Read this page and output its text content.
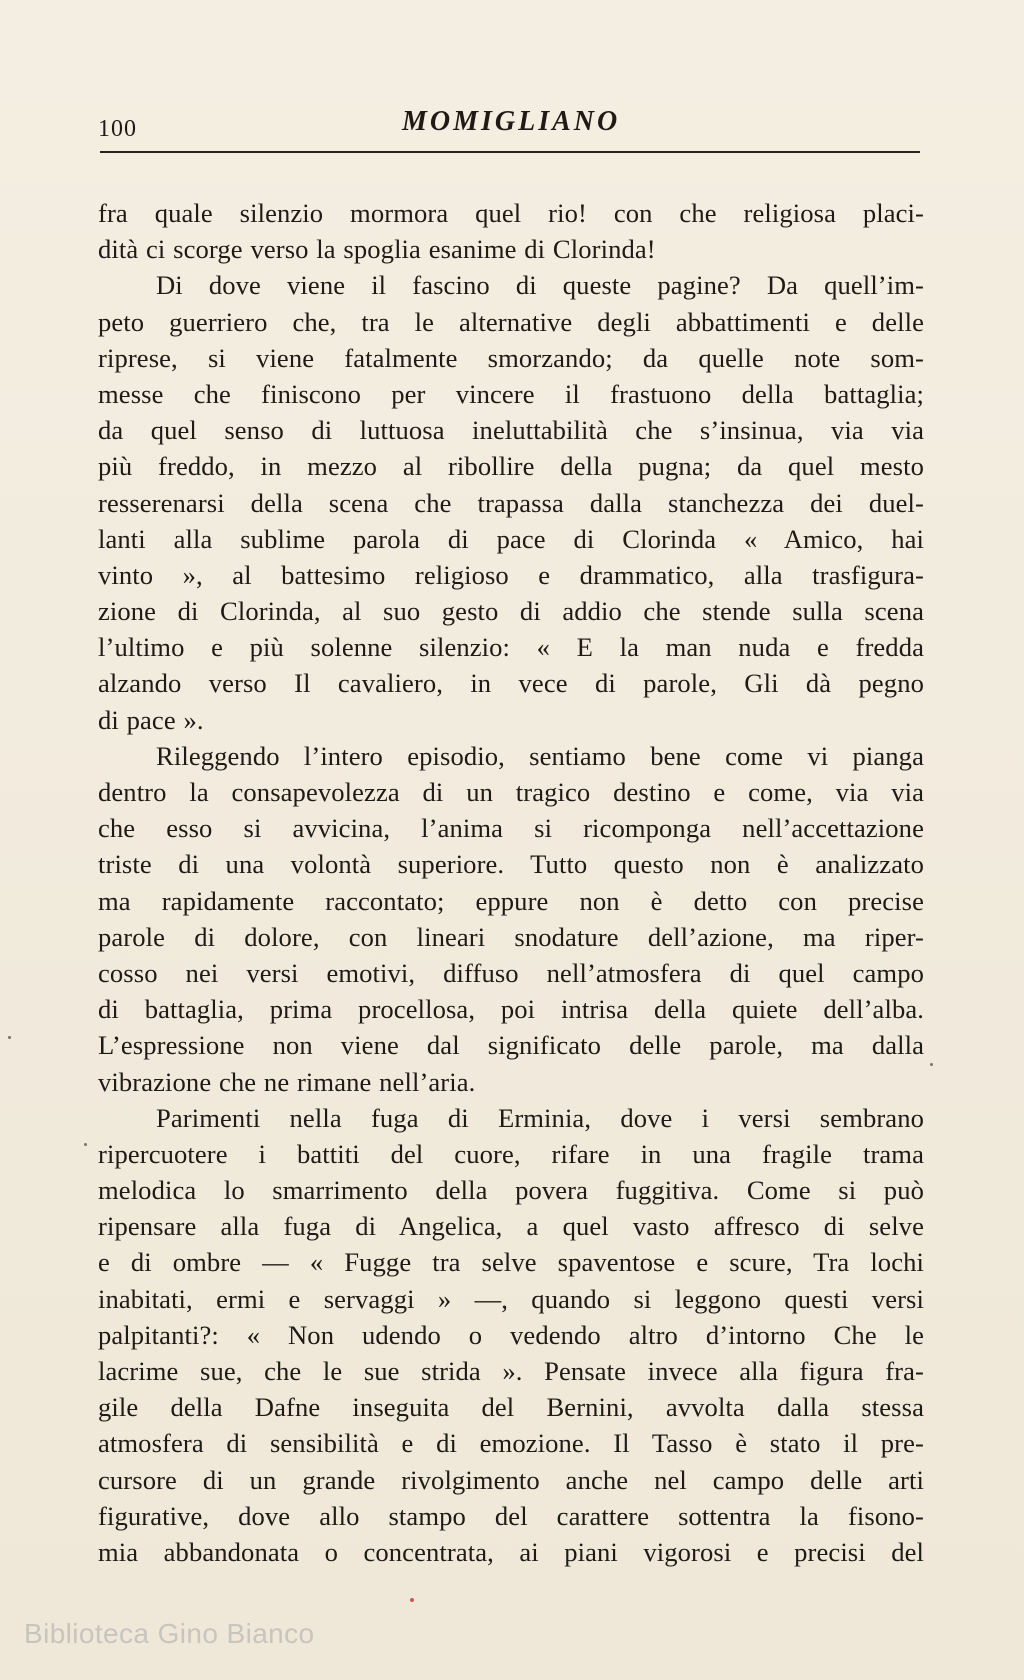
100	MOMIGLIANO
fra quale silenzio mormora quel rio! con che religiosa placi-
dità ci scorge verso la spoglia esanime di Clorinda!
Di dove viene il fascino di queste pagine? Da quell’im-
peto guerriero che, tra le alternative degli abbattimenti e delle
riprese, si viene fatalmente smorzando; da quelle note som-
messe che finiscono per vincere il frastuono della battaglia;
da quel senso di luttuosa ineluttabilità che s’insinua, via via
più freddo, in mezzo al ribollire della pugna; da quel mesto
resserenarsi della scena che trapassa dalla stanchezza dei duel-
lanti alla sublime parola di pace di Clorinda « Amico, hai
vinto », al battesimo religioso e drammatico, alla trasfigura-
zione di Clorinda, al suo gesto di addio che stende sulla scena
l’ultimo e più solenne silenzio: « E la man nuda e fredda
alzando verso Il cavaliero, in vece di parole, Gli dà pegno
di pace ».
Rileggendo l’intero episodio, sentiamo bene come vi pianga
dentro la consapevolezza di un tragico destino e come, via via
che esso si avvicina, l’anima si ricomponga nell’accettazione
triste di una volontà superiore. Tutto questo non è analizzato
ma rapidamente raccontato; eppure non è detto con precise
parole di dolore, con lineari snodature dell’azione, ma riper-
cosso nei versi emotivi, diffuso nell’atmosfera di quel campo
di battaglia, prima procellosa, poi intrisa della quiete dell’alba.
L’espressione non viene dal significato delle parole, ma dalla
vibrazione che ne rimane nell’aria.
Parimenti nella fuga di Erminia, dove i versi sembrano
ripercuotere i battiti del cuore, rifare in una fragile trama
melodica lo smarrimento della povera fuggitiva. Come si può
ripensare alla fuga di Angelica, a quel vasto affresco di selve
e di ombre — « Fugge tra selve spaventose e scure, Tra lochi
inabitati, ermi e servaggi » —, quando si leggono questi versi
palpitanti?: « Non udendo o vedendo altro d’intorno Che le
lacrime sue, che le sue strida ». Pensate invece alla figura fra-
gile della Dafne inseguita del Bernini, avvolta dalla stessa
atmosfera di sensibilità e di emozione. Il Tasso è stato il pre-
cursore di un grande rivolgimento anche nel campo delle arti
figurative, dove allo stampo del carattere sottentra la fisono-
mia abbandonata o concentrata, ai piani vigorosi e precisi del
Biblioteca Gino Bianco
